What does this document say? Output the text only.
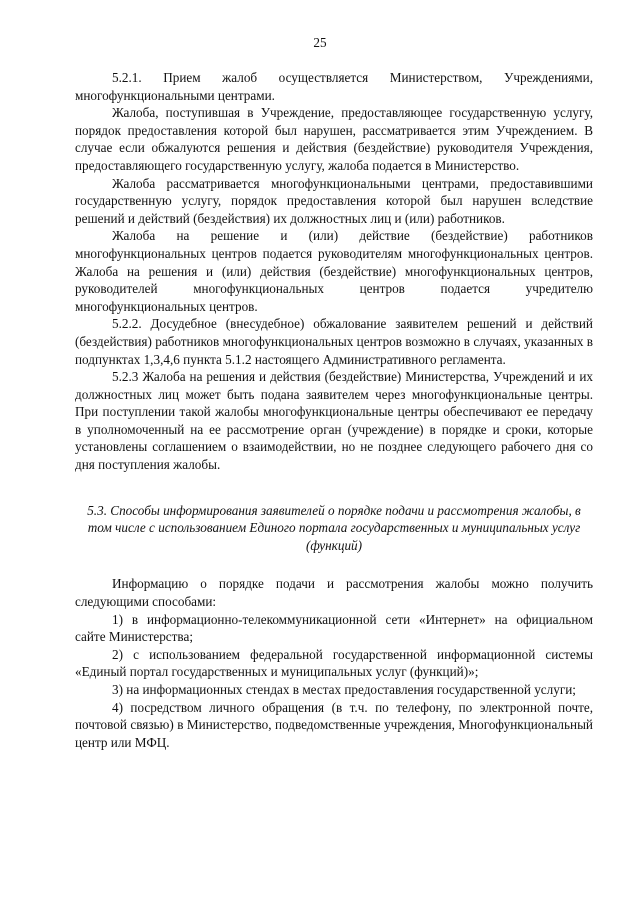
25

5.2.1. Прием жалоб осуществляется Министерством, Учреждениями, многофункциональными центрами.

Жалоба, поступившая в Учреждение, предоставляющее государственную услугу, порядок предоставления которой был нарушен, рассматривается этим Учреждением. В случае если обжалуются решения и действия (бездействие) руководителя Учреждения, предоставляющего государственную услугу, жалоба подается в Министерство.

Жалоба рассматривается многофункциональными центрами, предоставившими государственную услугу, порядок предоставления которой был нарушен вследствие решений и действий (бездействия) их должностных лиц и (или) работников.

Жалоба на решение и (или) действие (бездействие) работников многофункциональных центров подается руководителям многофункциональных центров. Жалоба на решения и (или) действия (бездействие) многофункциональных центров, руководителей многофункциональных центров подается учредителю многофункциональных центров.

5.2.2. Досудебное (внесудебное) обжалование заявителем решений и действий (бездействия) работников многофункциональных центров возможно в случаях, указанных в подпунктах 1,3,4,6 пункта 5.1.2 настоящего Административного регламента.

5.2.3 Жалоба на решения и действия (бездействие) Министерства, Учреждений и их должностных лиц может быть подана заявителем через многофункциональные центры. При поступлении такой жалобы многофункциональные центры обеспечивают ее передачу в уполномоченный на ее рассмотрение орган (учреждение) в порядке и сроки, которые установлены соглашением о взаимодействии, но не позднее следующего рабочего дня со дня поступления жалобы.

5.3. Способы информирования заявителей о порядке подачи и рассмотрения жалобы, в том числе с использованием Единого портала государственных и муниципальных услуг (функций)

Информацию о порядке подачи и рассмотрения жалобы можно получить следующими способами:

1) в информационно-телекоммуникационной сети «Интернет» на официальном сайте Министерства;

2) с использованием федеральной государственной информационной системы «Единый портал государственных и муниципальных услуг (функций)»;

3) на информационных стендах в местах предоставления государственной услуги;

4) посредством личного обращения (в т.ч. по телефону, по электронной почте, почтовой связью) в Министерство, подведомственные учреждения, Многофункциональный центр или МФЦ.
